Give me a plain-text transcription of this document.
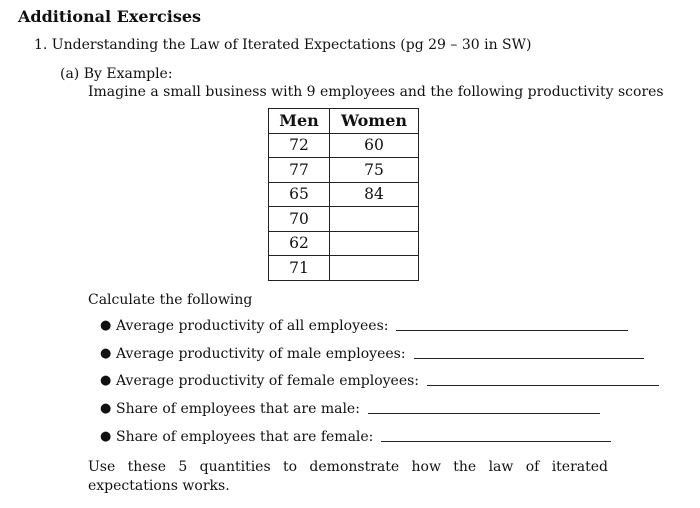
Additional Exercises
1. Understanding the Law of Iterated Expectations (pg 29 – 30 in SW)
(a) By Example:
Imagine a small business with 9 employees and the following productivity scores
Men	Women
72	60
77	75
65	84
70	
62	
71	
Calculate the following
● Average productivity of all employees:
● Average productivity of male employees:
● Average productivity of female employees:
● Share of employees that are male:
● Share of employees that are female:
Use these 5 quantities to demonstrate how the law of iterated expectations works.
